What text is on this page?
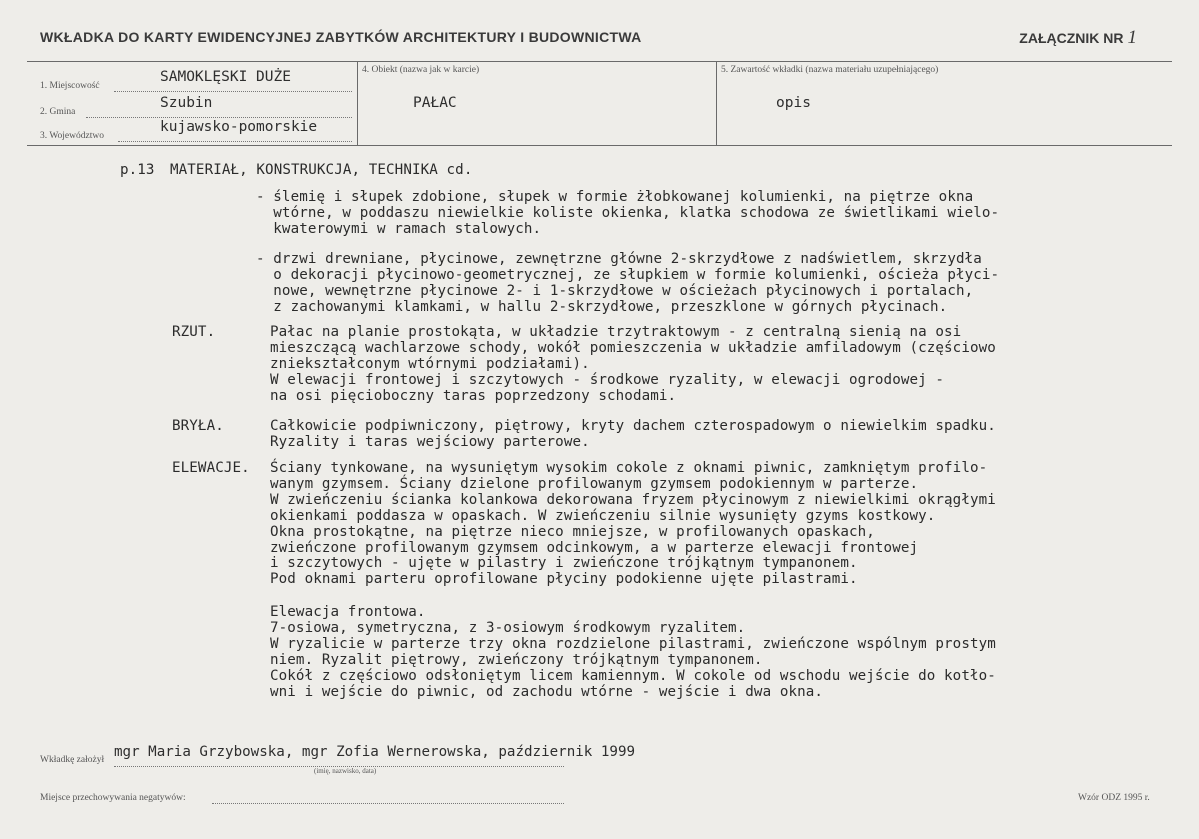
WKŁADKA DO KARTY EWIDENCYJNEJ ZABYTKÓW ARCHITEKTURY I BUDOWNICTWA	ZAŁĄCZNIK NR 1
1. Miejscowość
SAMOKLĘSKI DUŻE
2. Gmina
Szubin
3. Województwo
kujawsko-pomorskie
4. Obiekt (nazwa jak w karcie)
PAŁAC
5. Zawartość wkładki (nazwa materiału uzupełniającego)
opis
p.13 MATERIAŁ, KONSTRUKCJA, TECHNIKA cd.
- ślemię i słupek zdobione, słupek w formie żłobkowanej kolumienki, na piętrze okna
wtórne, w poddaszu niewielkie koliste okienka, klatka schodowa ze świetlikami wielo-
kwaterowymi w ramach stalowych.
- drzwi drewniane, płycinowe, zewnętrzne główne 2-skrzydłowe z nadświetlem, skrzydła
o dekoracji płycinowo-geometrycznej, ze słupkiem w formie kolumienki, ościeża płyci-
nowe, wewnętrzne płycinowe 2- i 1-skrzydłowe w ościeżach płycinowych i portalach,
z zachowanymi klamkami, w hallu 2-skrzydłowe, przeszklone w górnych płycinach.
RZUT.	Pałac na planie prostokąta, w układzie trzytraktowym - z centralną sienią na osi
mieszczącą wachlarzowe schody, wokół pomieszczenia w układzie amfiladowym (częściowo
zniekształconym wtórnymi podziałami).
W elewacji frontowej i szczytowych - środkowe ryzality, w elewacji ogrodowej -
na osi pięcioboczny taras poprzedzony schodami.
BRYŁA.	Całkowicie podpiwniczony, piętrowy, kryty dachem czterospadowym o niewielkim spadku.
Ryzality i taras wejściowy parterowe.
ELEWACJE. Ściany tynkowane, na wysuniętym wysokim cokole z oknami piwnic, zamkniętym profilo-
wanym gzymsem. Ściany dzielone profilowanym gzymsem podokiennym w parterze.
W zwieńczeniu ścianka kolankowa dekorowana fryzem płycinowym z niewielkimi okrągłymi
okienkami poddasza w opaskach. W zwieńczeniu silnie wysunięty gzyms kostkowy.
Okna prostokątne, na piętrze nieco mniejsze, w profilowanych opaskach,
zwieńczone profilowanym gzymsem odcinkowym, a w parterze elewacji frontowej
i szczytowych - ujęte w pilastry i zwieńczone trójkątnym tympanonem.
Pod oknami parteru oprofilowane płyciny podokienne ujęte pilastrami.
Elewacja frontowa.
7-osiowa, symetryczna, z 3-osiowym środkowym ryzalitem.
W ryzalicie w parterze trzy okna rozdzielone pilastrami, zwieńczone wspólnym prostym
niem. Ryzalit piętrowy, zwieńczony trójkątnym tympanonem.
Cokół z częściowo odsłoniętym licem kamiennym. W cokole od wschodu wejście do kotło-
wni i wejście do piwnic, od zachodu wtórne - wejście i dwa okna.
Wkładkę założył mgr Maria Grzybowska, mgr Zofia Wernerowska, październik 1999
(imię, nazwisko, data)
Miejsce przechowywania negatywów:	Wzór ODZ 1995 r.
